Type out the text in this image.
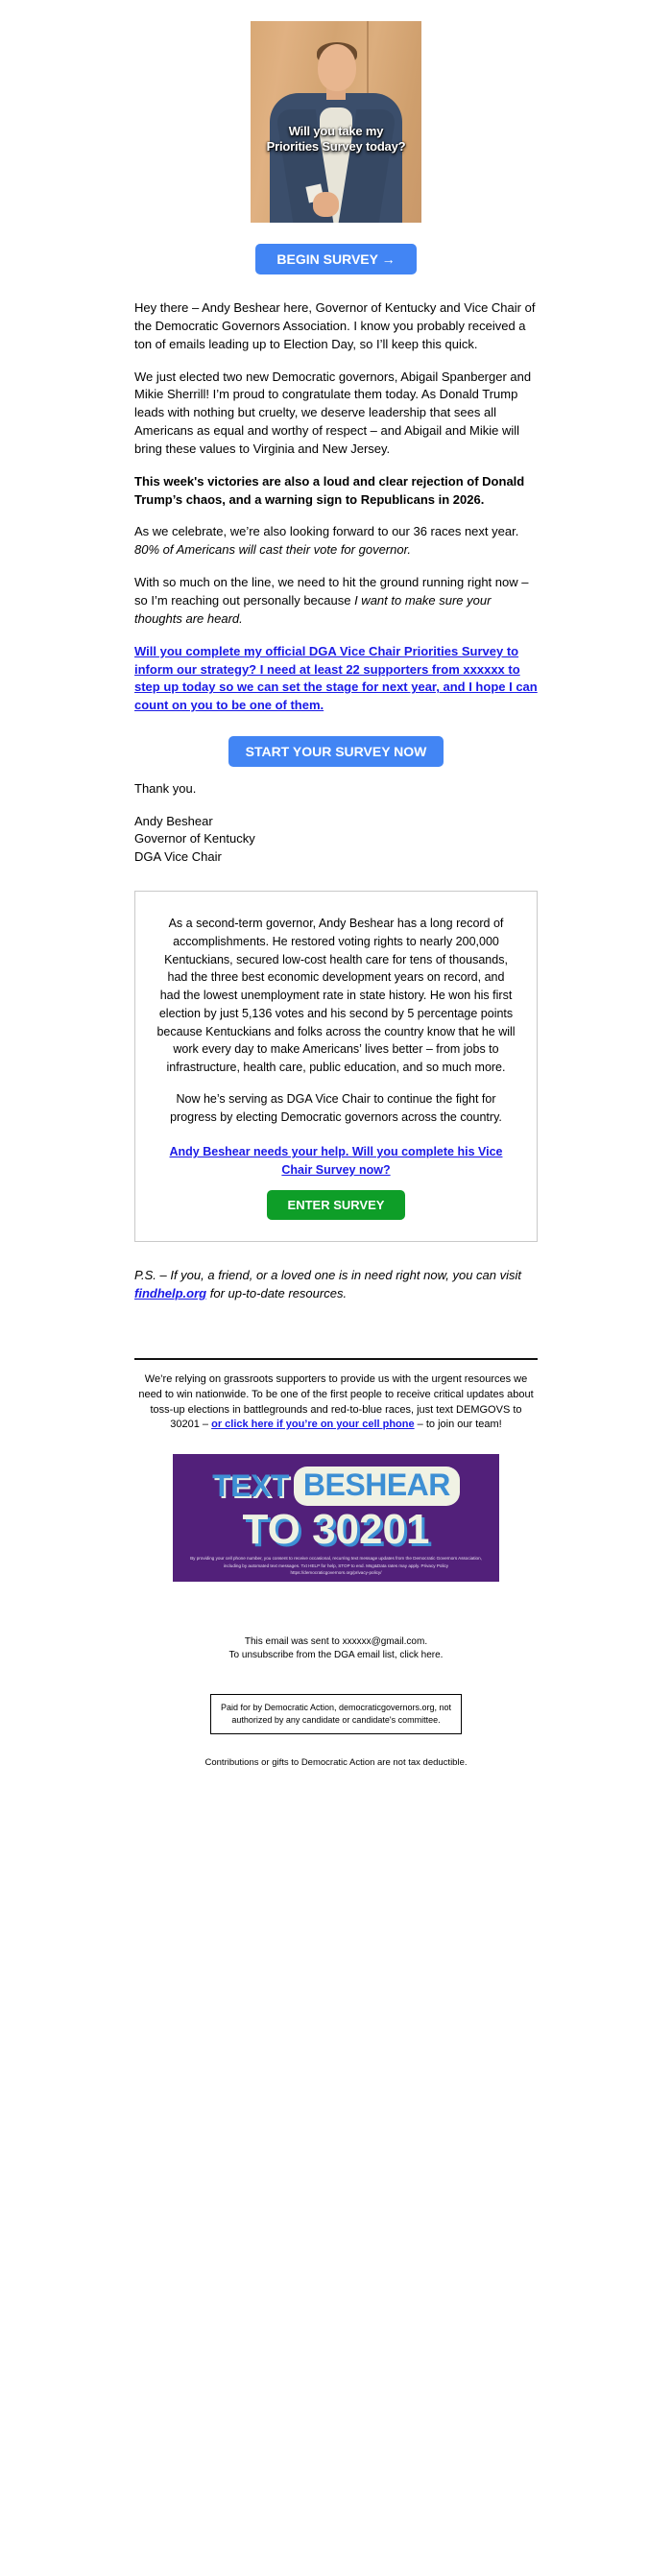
Will you take my
Priorities Survey today?
BEGIN SURVEY →

Hey there – Andy Beshear here, Governor of Kentucky and Vice Chair of the Democratic Governors Association. I know you probably received a ton of emails leading up to Election Day, so I’ll keep this quick.

We just elected two new Democratic governors, Abigail Spanberger and Mikie Sherrill! I’m proud to congratulate them today. As Donald Trump leads with nothing but cruelty, we deserve leadership that sees all Americans as equal and worthy of respect – and Abigail and Mikie will bring these values to Virginia and New Jersey.

This week's victories are also a loud and clear rejection of Donald Trump’s chaos, and a warning sign to Republicans in 2026.

As we celebrate, we’re also looking forward to our 36 races next year. 80% of Americans will cast their vote for governor.

With so much on the line, we need to hit the ground running right now – so I’m reaching out personally because I want to make sure your thoughts are heard.

Will you complete my official DGA Vice Chair Priorities Survey to inform our strategy? I need at least 22 supporters from xxxxxx to step up today so we can set the stage for next year, and I hope I can count on you to be one of them.
START YOUR SURVEY NOW

Thank you.

Andy Beshear
Governor of Kentucky
DGA Vice Chair

As a second-term governor, Andy Beshear has a long record of accomplishments. He restored voting rights to nearly 200,000 Kentuckians, secured low-cost health care for tens of thousands, had the three best economic development years on record, and had the lowest unemployment rate in state history. He won his first election by just 5,136 votes and his second by 5 percentage points because Kentuckians and folks across the country know that he will work every day to make Americans’ lives better – from jobs to infrastructure, health care, public education, and so much more.

Now he’s serving as DGA Vice Chair to continue the fight for progress by electing Democratic governors across the country.

Andy Beshear needs your help. Will you complete his Vice Chair Survey now?
ENTER SURVEY

P.S. – If you, a friend, or a loved one is in need right now, you can visit findhelp.org for up-to-date resources.

We’re relying on grassroots supporters to provide us with the urgent resources we need to win nationwide. To be one of the first people to receive critical updates about toss-up elections in battlegrounds and red-to-blue races, just text DEMGOVS to 30201 – or click here if you’re on your cell phone – to join our team!

TEXT BESHEAR
TO 30201
By providing your cell phone number, you consent to receive occasional, recurring text message updates from the Democratic Governors Association, including by automated text messages. Txt HELP for help, STOP to end. Msg&Data rates may apply. Privacy Policy https://democraticgovernors.org/privacy-policy/

This email was sent to xxxxxx@gmail.com.
To unsubscribe from the DGA email list, click here.

Paid for by Democratic Action, democraticgovernors.org, not authorized by any candidate or candidate's committee.

Contributions or gifts to Democratic Action are not tax deductible.
